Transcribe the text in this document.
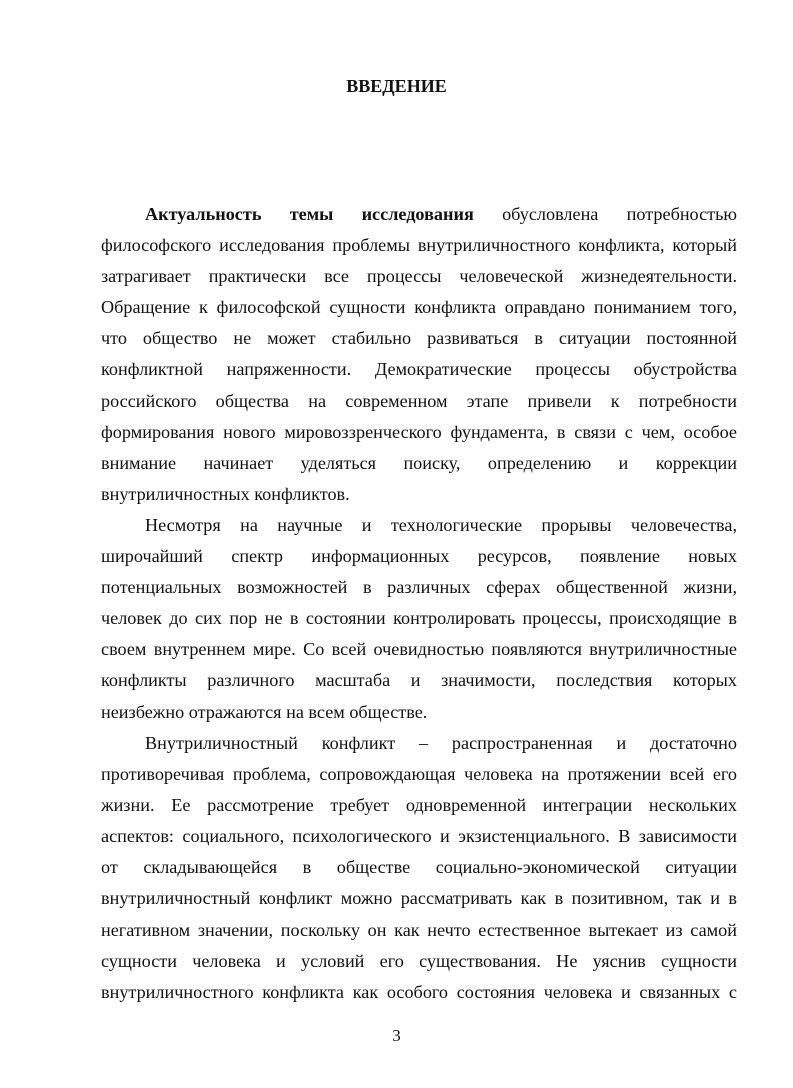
ВВЕДЕНИЕ
Актуальность темы исследования обусловлена потребностью
философского исследования проблемы внутриличностного конфликта, который
затрагивает практически все процессы человеческой жизнедеятельности.
Обращение к философской сущности конфликта оправдано пониманием того,
что общество не может стабильно развиваться в ситуации постоянной
конфликтной напряженности. Демократические процессы обустройства
российского общества на современном этапе привели к потребности
формирования нового мировоззренческого фундамента, в связи с чем, особое
внимание начинает уделяться поиску, определению и коррекции
внутриличностных конфликтов.
Несмотря на научные и технологические прорывы человечества,
широчайший спектр информационных ресурсов, появление новых
потенциальных возможностей в различных сферах общественной жизни,
человек до сих пор не в состоянии контролировать процессы, происходящие в
своем внутреннем мире. Со всей очевидностью появляются внутриличностные
конфликты различного масштаба и значимости, последствия которых
неизбежно отражаются на всем обществе.
Внутриличностный конфликт – распространенная и достаточно
противоречивая проблема, сопровождающая человека на протяжении всей его
жизни. Ее рассмотрение требует одновременной интеграции нескольких
аспектов: социального, психологического и экзистенциального. В зависимости
от складывающейся в обществе социально-экономической ситуации
внутриличностный конфликт можно рассматривать как в позитивном, так и в
негативном значении, поскольку он как нечто естественное вытекает из самой
сущности человека и условий его существования. Не уяснив сущности
внутриличностного конфликта как особого состояния человека и связанных с
3
